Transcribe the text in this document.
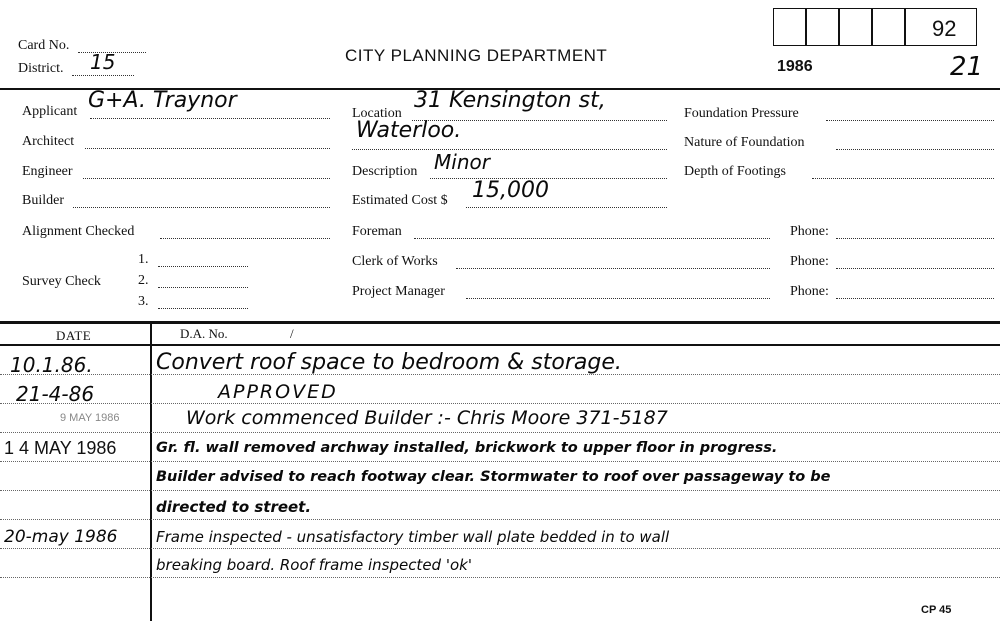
Card No.
District. 15	CITY PLANNING DEPARTMENT
92
1986	21
Applicant G+A. Traynor
Architect
Engineer
Builder
Alignment Checked
Survey Check
1.
2.
3.
Location
31 Kensington st,
Waterloo.
Description Minor
Estimated Cost $ 15,000
Foreman
Clerk of Works
Project Manager
Phone:
Phone:
Phone:
Foundation Pressure
Nature of Foundation
Depth of Footings
DATE	D.A. No.	/
10.1.86.	Convert roof space to bedroom & storage.
21-4-86	APPROVED
9 MAY 1986	Work commenced Builder :- Chris Moore 371-5187
1 4 MAY 1986	Gr. fl. wall removed archway installed, brickwork to upper floor in progress.
Builder advised to reach footway clear. Stormwater to roof over passageway to be
directed to street.
20-may 1986	Frame inspected - unsatisfactory timber wall plate bedded in to wall
breaking board. Roof frame inspected 'ok'
CP 45
